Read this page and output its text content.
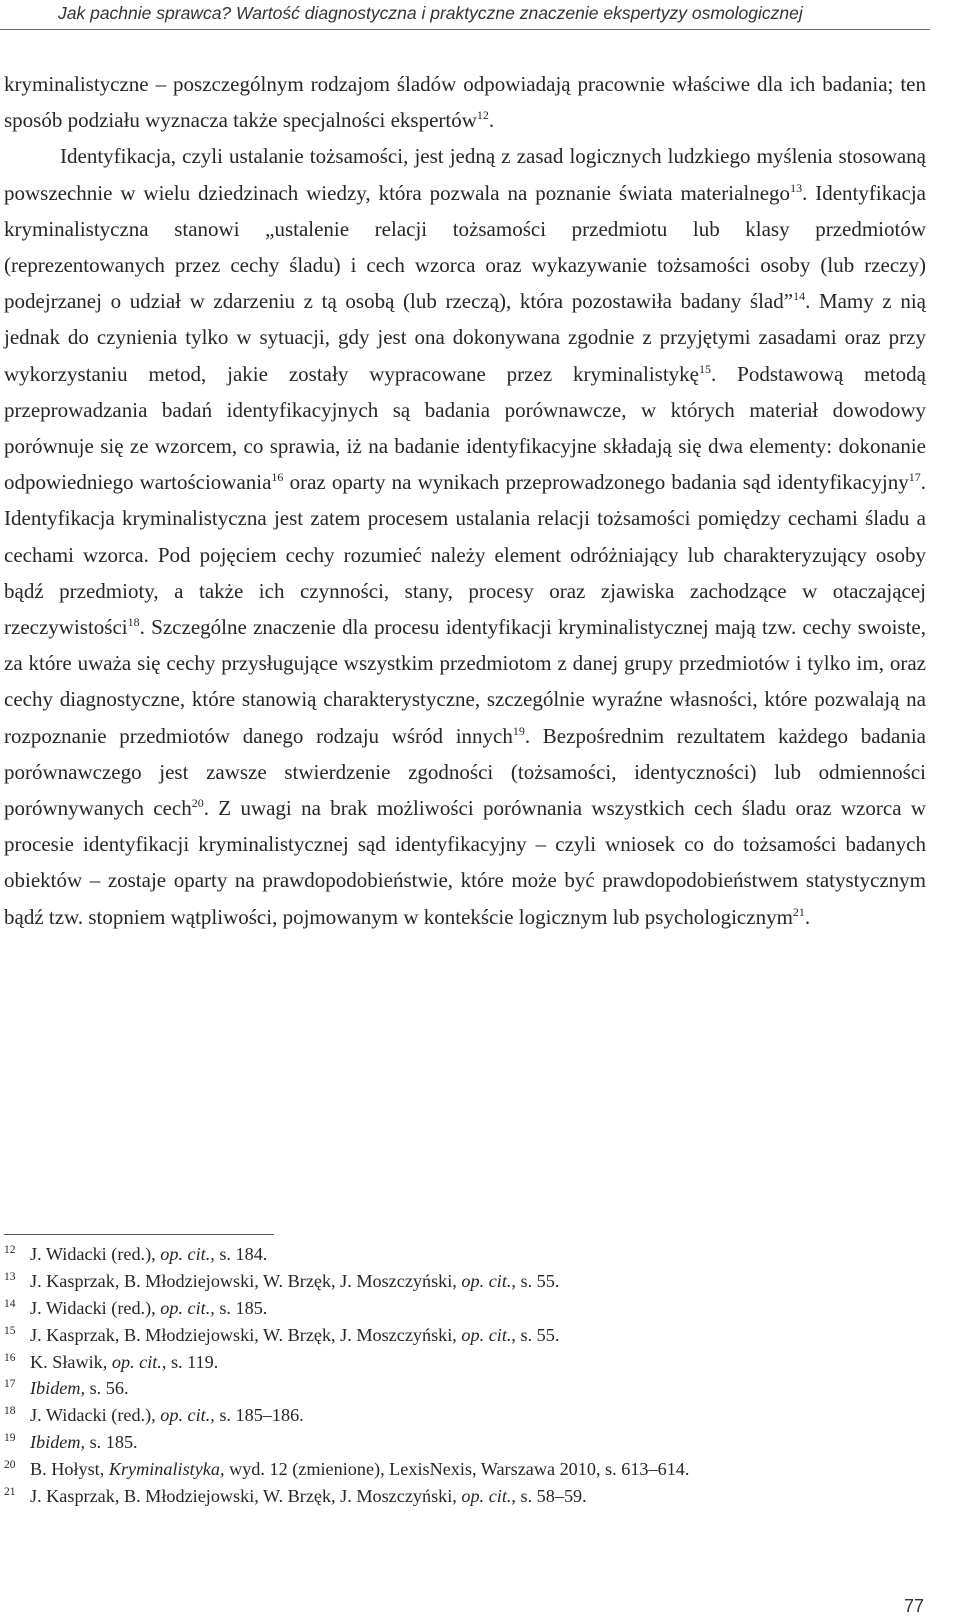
Jak pachnie sprawca? Wartość diagnostyczna i praktyczne znaczenie ekspertyzy osmologicznej

kryminalistyczne – poszczególnym rodzajom śladów odpowiadają pracownie właściwe dla ich badania; ten sposób podziału wyznacza także specjalności ekspertów$^{12}$.

Identyfikacja, czyli ustalanie tożsamości, jest jedną z zasad logicznych ludzkiego myślenia stosowaną powszechnie w wielu dziedzinach wiedzy, która pozwala na poznanie świata materialnego$^{13}$. Identyfikacja kryminalistyczna stanowi „ustalenie relacji tożsamości przedmiotu lub klasy przedmiotów (reprezentowanych przez cechy śladu) i cech wzorca oraz wykazywanie tożsamości osoby (lub rzeczy) podejrzanej o udział w zdarzeniu z tą osobą (lub rzeczą), która pozostawiła badany ślad”$^{14}$. Mamy z nią jednak do czynienia tylko w sytuacji, gdy jest ona dokonywana zgodnie z przyjętymi zasadami oraz przy wykorzystaniu metod, jakie zostały wypracowane przez kryminalistykę$^{15}$. Podstawową metodą przeprowadzania badań identyfikacyjnych są badania porównawcze, w których materiał dowodowy porównuje się ze wzorcem, co sprawia, iż na badanie identyfikacyjne składają się dwa elementy: dokonanie odpowiedniego wartościowania$^{16}$ oraz oparty na wynikach przeprowadzonego badania sąd identyfikacyjny$^{17}$. Identyfikacja kryminalistyczna jest zatem procesem ustalania relacji tożsamości pomiędzy cechami śladu a cechami wzorca. Pod pojęciem cechy rozumieć należy element odróżniający lub charakteryzujący osoby bądź przedmioty, a także ich czynności, stany, procesy oraz zjawiska zachodzące w otaczającej rzeczywistości$^{18}$. Szczególne znaczenie dla procesu identyfikacji kryminalistycznej mają tzw. cechy swoiste, za które uważa się cechy przysługujące wszystkim przedmiotom z danej grupy przedmiotów i tylko im, oraz cechy diagnostyczne, które stanowią charakterystyczne, szczególnie wyraźne własności, które pozwalają na rozpoznanie przedmiotów danego rodzaju wśród innych$^{19}$. Bezpośrednim rezultatem każdego badania porównawczego jest zawsze stwierdzenie zgodności (tożsamości, identyczności) lub odmienności porównywanych cech$^{20}$. Z uwagi na brak możliwości porównania wszystkich cech śladu oraz wzorca w procesie identyfikacji kryminalistycznej sąd identyfikacyjny – czyli wniosek co do tożsamości badanych obiektów – zostaje oparty na prawdopodobieństwie, które może być prawdopodobieństwem statystycznym bądź tzw. stopniem wątpliwości, pojmowanym w kontekście logicznym lub psychologicznym$^{21}$.

12 J. Widacki (red.), op. cit., s. 184.
13 J. Kasprzak, B. Młodziejowski, W. Brzęk, J. Moszczyński, op. cit., s. 55.
14 J. Widacki (red.), op. cit., s. 185.
15 J. Kasprzak, B. Młodziejowski, W. Brzęk, J. Moszczyński, op. cit., s. 55.
16 K. Sławik, op. cit., s. 119.
17 Ibidem, s. 56.
18 J. Widacki (red.), op. cit., s. 185–186.
19 Ibidem, s. 185.
20 B. Hołyst, Kryminalistyka, wyd. 12 (zmienione), LexisNexis, Warszawa 2010, s. 613–614.
21 J. Kasprzak, B. Młodziejowski, W. Brzęk, J. Moszczyński, op. cit., s. 58–59.
77
